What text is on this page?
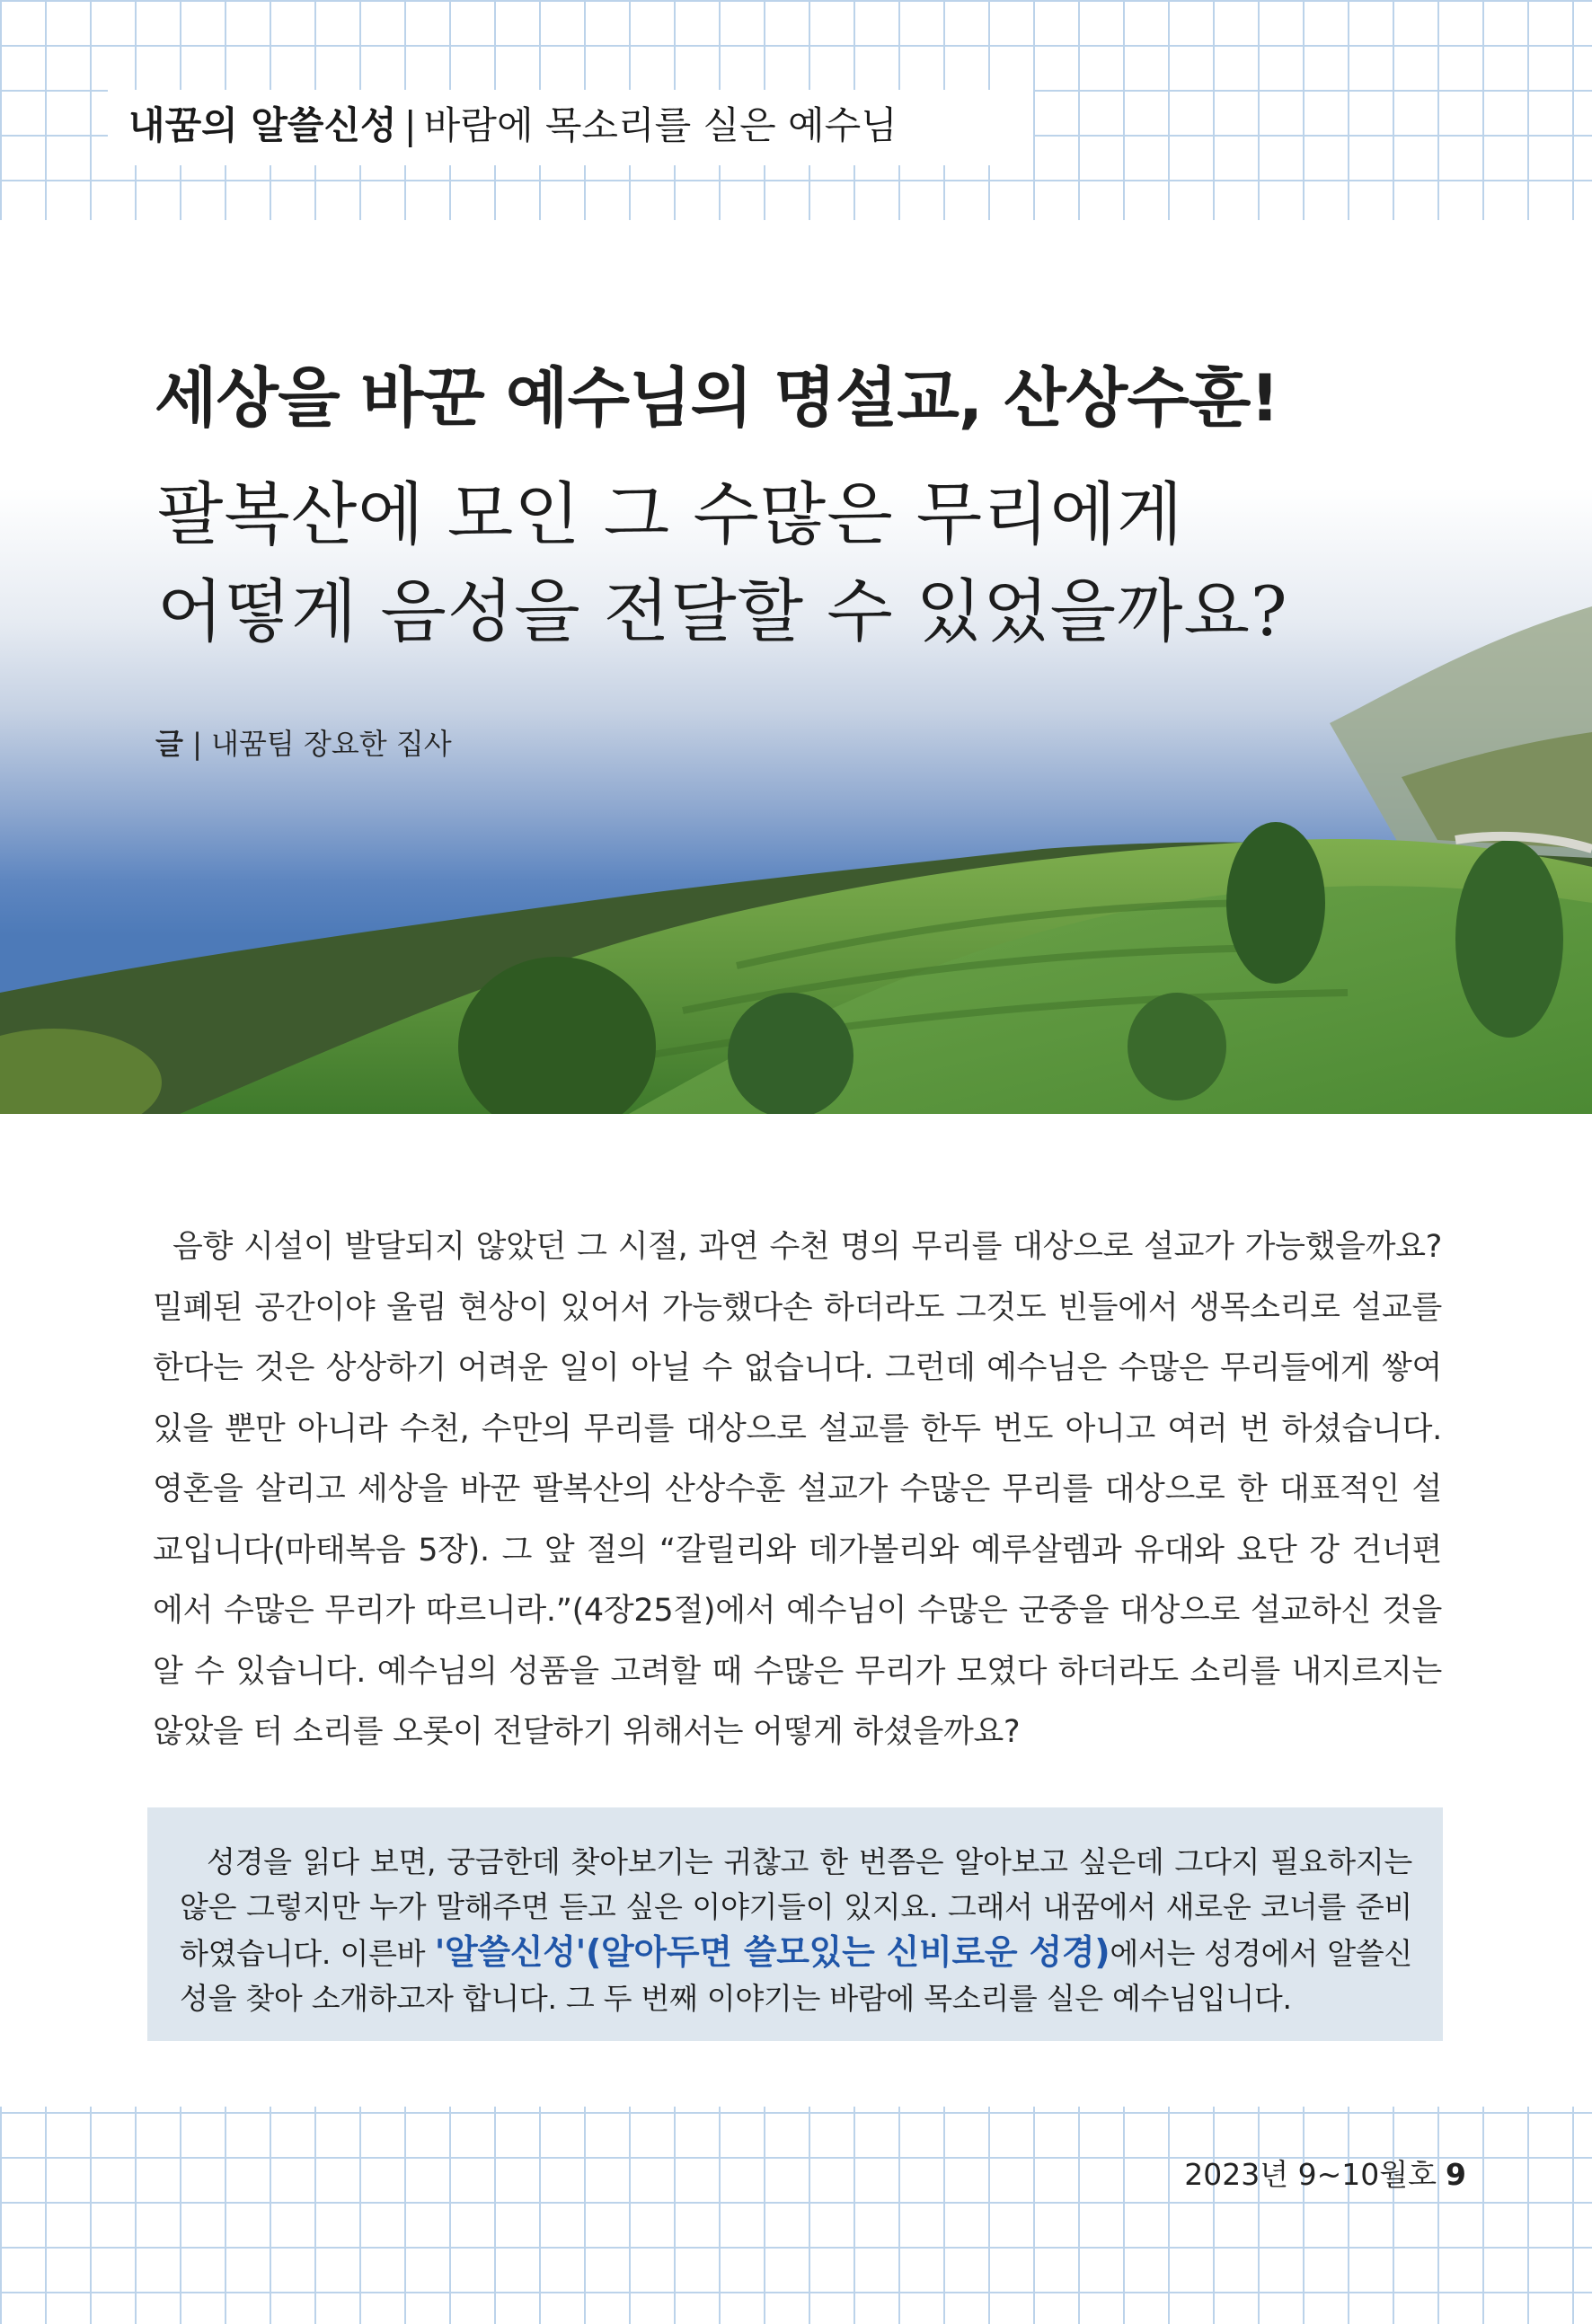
내꿈의 알쓸신성 | 바람에 목소리를 실은 예수님
세상을 바꾼 예수님의 명설교, 산상수훈!
팔복산에 모인 그 수많은 무리에게
어떻게 음성을 전달할 수 있었을까요?
글 | 내꿈팀 장요한 집사

음향 시설이 발달되지 않았던 그 시절, 과연 수천 명의 무리를 대상으로 설교가 가능했을까요? 밀폐된 공간이야 울림 현상이 있어서 가능했다손 하더라도 그것도 빈들에서 생목소리로 설교를 한다는 것은 상상하기 어려운 일이 아닐 수 없습니다. 그런데 예수님은 수많은 무리들에게 쌓여 있을 뿐만 아니라 수천, 수만의 무리를 대상으로 설교를 한두 번도 아니고 여러 번 하셨습니다. 영혼을 살리고 세상을 바꾼 팔복산의 산상수훈 설교가 수많은 무리를 대상으로 한 대표적인 설교입니다(마태복음 5장). 그 앞 절의 “갈릴리와 데가볼리와 예루살렘과 유대와 요단 강 건너편에서 수많은 무리가 따르니라.”(4장25절)에서 예수님이 수많은 군중을 대상으로 설교하신 것을 알 수 있습니다. 예수님의 성품을 고려할 때 수많은 무리가 모였다 하더라도 소리를 내지르지는 않았을 터 소리를 오롯이 전달하기 위해서는 어떻게 하셨을까요?

성경을 읽다 보면, 궁금한데 찾아보기는 귀찮고 한 번쯤은 알아보고 싶은데 그다지 필요하지는 않은 그렇지만 누가 말해주면 듣고 싶은 이야기들이 있지요. 그래서 내꿈에서 새로운 코너를 준비하였습니다. 이른바 '알쓸신성'(알아두면 쓸모있는 신비로운 성경)에서는 성경에서 알쓸신성을 찾아 소개하고자 합니다. 그 두 번째 이야기는 바람에 목소리를 실은 예수님입니다.

2023년 9~10월호 9
